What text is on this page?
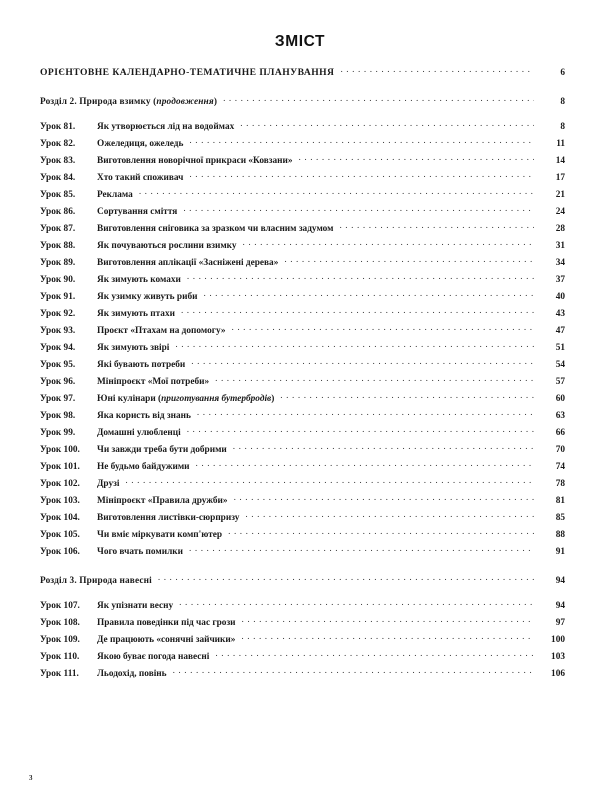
ЗМІСТ
ОРІЄНТОВНЕ КАЛЕНДАРНО-ТЕМАТИЧНЕ ПЛАНУВАННЯ . . .	6
Розділ 2. Природа взимку (продовження) . . .	8
Урок 81.	Як утворюється лід на водоймах . . .	8
Урок 82.	Ожеледиця, ожеледь . . .	11
Урок 83.	Виготовлення новорічної прикраси «Ковзани» . . .	14
Урок 84.	Хто такий споживач . . .	17
Урок 85.	Реклама . . .	21
Урок 86.	Сортування сміття . . .	24
Урок 87.	Виготовлення сніговика за зразком чи власним задумом . . .	28
Урок 88.	Як почуваються рослини взимку . . .	31
Урок 89.	Виготовлення аплікації «Засніжені дерева» . . .	34
Урок 90.	Як зимують комахи . . .	37
Урок 91.	Як узимку живуть риби . . .	40
Урок 92.	Як зимують птахи . . .	43
Урок 93.	Проєкт «Птахам на допомогу» . . .	47
Урок 94.	Як зимують звірі . . .	51
Урок 95.	Які бувають потреби . . .	54
Урок 96.	Мініпроєкт «Мої потреби» . . .	57
Урок 97.	Юні кулінари (приготування бутербродів) . . .	60
Урок 98.	Яка користь від знань . . .	63
Урок 99.	Домашні улюбленці . . .	66
Урок 100.	Чи завжди треба бути добрими . . .	70
Урок 101.	Не будьмо байдужими . . .	74
Урок 102.	Друзі . . .	78
Урок 103.	Мініпроєкт «Правила дружби» . . .	81
Урок 104.	Виготовлення листівки-сюрпризу . . .	85
Урок 105.	Чи вміє міркувати комп'ютер . . .	88
Урок 106.	Чого вчать помилки . . .	91
Розділ 3. Природа навесні . . .	94
Урок 107.	Як упізнати весну . . .	94
Урок 108.	Правила поведінки під час грози . . .	97
Урок 109.	Де працюють «сонячні зайчики» . . .	100
Урок 110.	Якою буває погода навесні . . .	103
Урок 111.	Льодохід, повінь . . .	106
3
